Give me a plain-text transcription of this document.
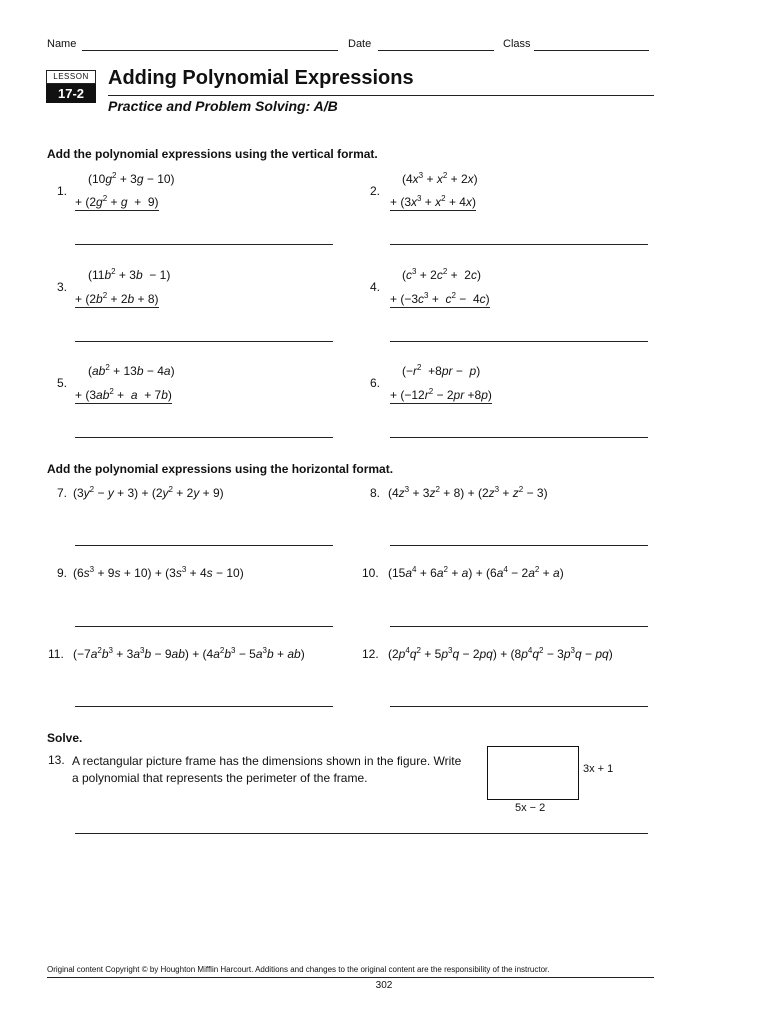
Name	Date	Class
LESSON
17-2
Adding Polynomial Expressions
Practice and Problem Solving: A/B
Add the polynomial expressions using the vertical format.
1.
$(10g^2 + 3g - 10)$
+ $(2g^2 + g + 9)$
2.
$(4x^3 + x^2 + 2x)$
+ $(3x^3 + x^2 + 4x)$
3.
$(11b^2 + 3b - 1)$
+ $(2b^2 + 2b + 8)$
4.
$(c^3 + 2c^2 + 2c)$
+ $(-3c^3 + c^2 - 4c)$
5.
$(ab^2 + 13b - 4a)$
+ $(3ab^2 + a + 7b)$
6.
$(-r^2 +8pr - p)$
+ $(-12r^2 - 2pr +8p)$
Add the polynomial expressions using the horizontal format.
7. $(3y^2 - y + 3) + (2y^2 + 2y + 9)$	8. $(4z^3 + 3z^2 + 8) + (2z^3 + z^2 - 3)$
9. $(6s^3 + 9s + 10) + (3s^3 + 4s - 10)$	10. $(15a^4 + 6a^2 + a) + (6a^4 - 2a^2 + a)$
11. $(-7a^2b^3 + 3a^3b - 9ab) + (4a^2b^3 - 5a^3b + ab)$	12. $(2p^4q^2 + 5p^3q - 2pq) + (8p^4q^2 - 3p^3q - pq)$
Solve.
13. A rectangular picture frame has the dimensions shown in the figure. Write a polynomial that represents the perimeter of the frame.
3x + 1
5x − 2
Original content Copyright © by Houghton Mifflin Harcourt. Additions and changes to the original content are the responsibility of the instructor.
302
